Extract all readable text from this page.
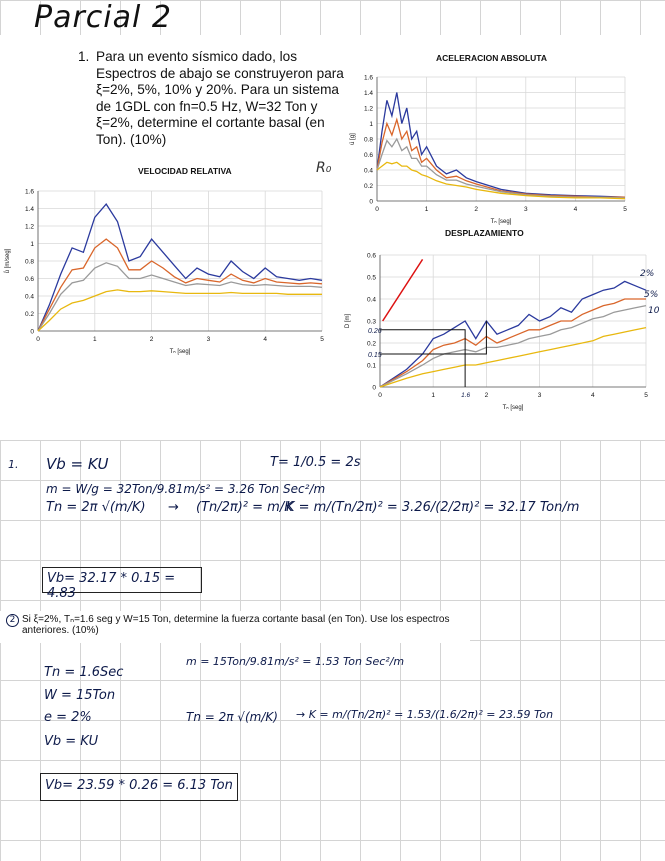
Parcial 2
1. Para un evento sísmico dado, los Espectros de abajo se construyeron para ξ=2%, 5%, 10% y 20%. Para un sistema de 1GDL con fn=0.5 Hz, W=32 Ton y ξ=2%, determine el cortante basal (en Ton). (10%)
VELOCIDAD RELATIVA
0
0.2
0.4
0.6
0.8
1
1.2
1.4
1.6
0	1	2	3	4	5
Tₙ [seg]
ů [m/seg]
ACELERACION ABSOLUTA
0
0.2
0.4
0.6
0.8
1
1.2
1.4
1.6
0	1	2	3	4	5
Tₙ [seg]
ü [g]
DESPLAZAMIENTO
0
0.1
0.2
0.3
0.4
0.5
0.6
0	1	2	3	4	5
Tₙ [seg]
D [m]
0.26
0.15
1.6
R₀
2%
5%
10
1. Vb = KU	T= 1/0.5 = 2s
m = W/g = 32Ton/9.81m/s² = 3.26 Ton Sec²/m
Tn = 2π √(m/K) → (Tn/2π)² = m/K
K = m/(Tn/2π)² = 3.26/(2/2π)² = 32.17 Ton/m
Vb= 32.17 * 0.15 = 4.83
2 Si ξ=2%, Tₙ=1.6 seg y W=15 Ton, determine la fuerza cortante basal (en Ton). Use los espectros anteriores. (10%)
Tn = 1.6Sec
m = 15Ton/9.81m/s² = 1.53 Ton Sec²/m
W = 15Ton
e = 2%	Tn = 2π √(m/K) → K = m/(Tn/2π)² = 1.53/(1.6/2π)² = 23.59 Ton
Vb = KU
Vb= 23.59 * 0.26 = 6.13 Ton
